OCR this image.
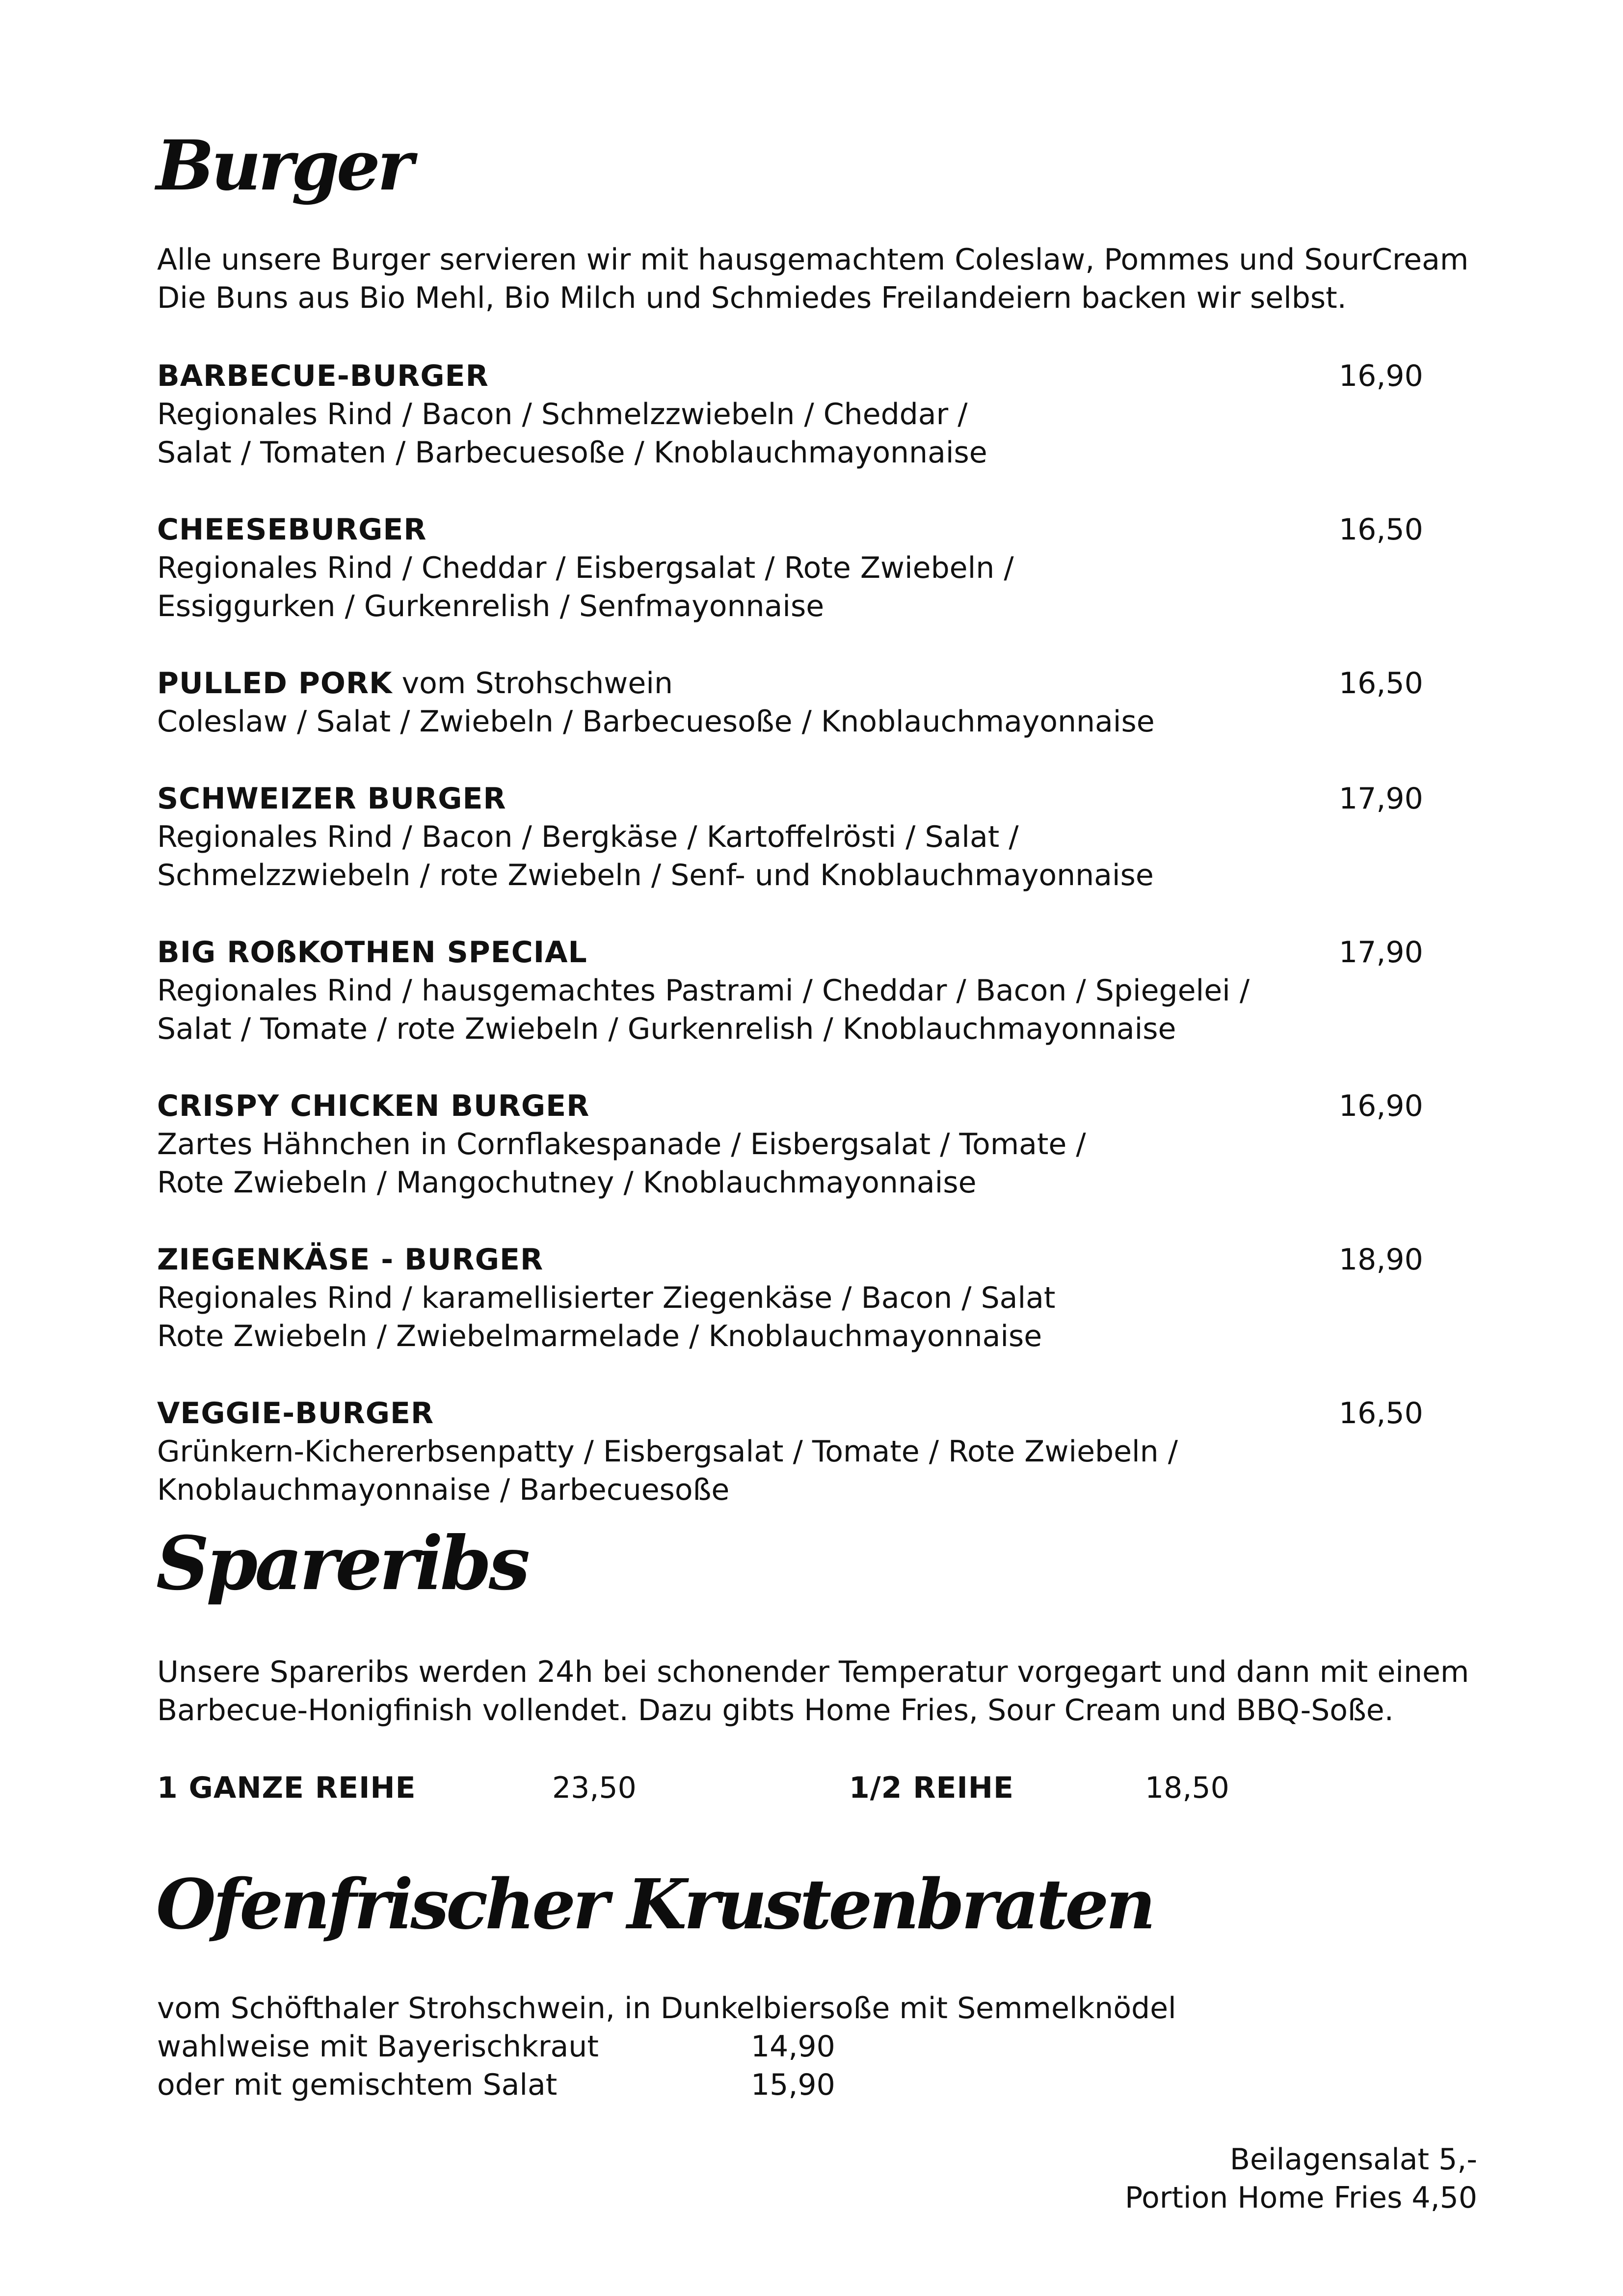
Burger

Alle unsere Burger servieren wir mit hausgemachtem Coleslaw, Pommes und SourCream

Die Buns aus Bio Mehl, Bio Milch und Schmiedes Freilandeiern backen wir selbst.

BARBECUE-BURGER	16,90
Regionales Rind / Bacon / Schmelzzwiebeln / Cheddar /
Salat / Tomaten / Barbecuesoße / Knoblauchmayonnaise
CHEESEBURGER	16,50
Regionales Rind / Cheddar / Eisbergsalat / Rote Zwiebeln /
Essiggurken / Gurkenrelish / Senfmayonnaise
PULLED PORK vom Strohschwein	16,50
Coleslaw / Salat / Zwiebeln / Barbecuesoße / Knoblauchmayonnaise
SCHWEIZER BURGER	17,90
Regionales Rind / Bacon / Bergkäse / Kartoffelrösti / Salat /
Schmelzzwiebeln / rote Zwiebeln / Senf- und Knoblauchmayonnaise
BIG ROßKOTHEN SPECIAL	17,90
Regionales Rind / hausgemachtes Pastrami / Cheddar / Bacon / Spiegelei /
Salat / Tomate / rote Zwiebeln / Gurkenrelish / Knoblauchmayonnaise
CRISPY CHICKEN BURGER	16,90
Zartes Hähnchen in Cornflakespanade / Eisbergsalat / Tomate /
Rote Zwiebeln / Mangochutney / Knoblauchmayonnaise
ZIEGENKÄSE - BURGER	18,90
Regionales Rind / karamellisierter Ziegenkäse / Bacon / Salat
Rote Zwiebeln / Zwiebelmarmelade / Knoblauchmayonnaise
VEGGIE-BURGER	16,50
Grünkern-Kichererbsenpatty / Eisbergsalat / Tomate / Rote Zwiebeln /
Knoblauchmayonnaise / Barbecuesoße
Spareribs

Unsere Spareribs werden 24h bei schonender Temperatur vorgegart und dann mit einem

Barbecue-Honigfinish vollendet. Dazu gibts Home Fries, Sour Cream und BBQ-Soße.

1 GANZE REIHE	23,50	1/2 REIHE	18,50

Ofenfrischer Krustenbraten

vom Schöfthaler Strohschwein, in Dunkelbiersoße mit Semmelknödel

wahlweise mit Bayerischkraut	14,90

oder mit gemischtem Salat	15,90

Beilagensalat 5,-

Portion Home Fries 4,50
